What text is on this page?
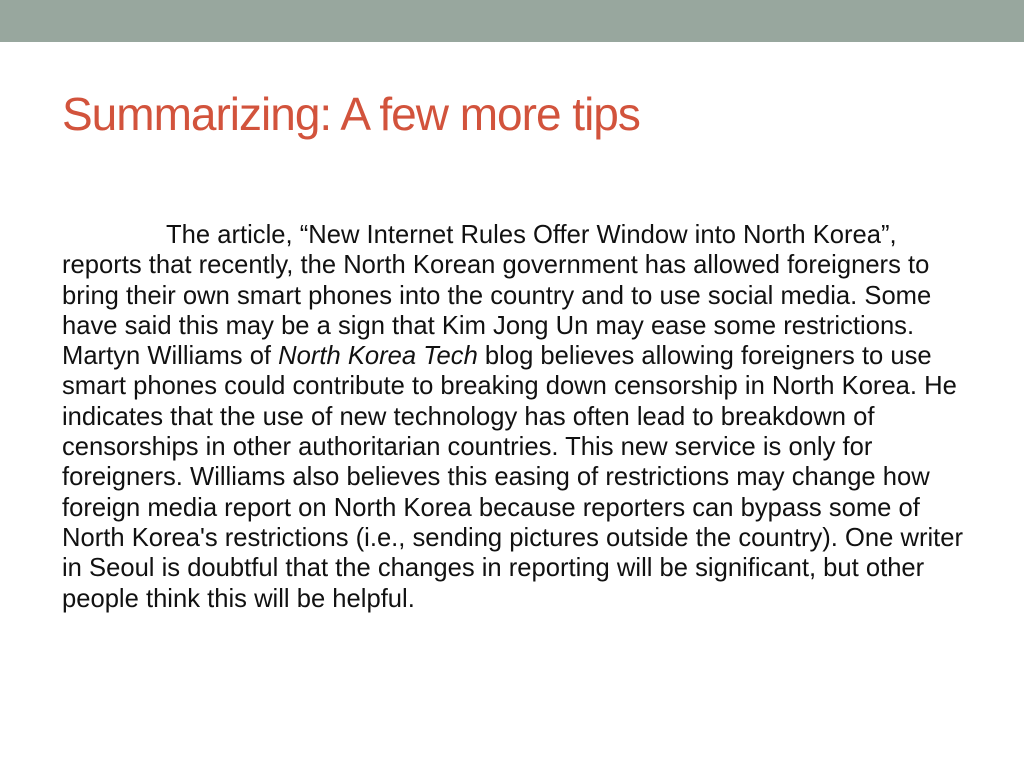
Summarizing: A few more tips

The article, “New Internet Rules Offer Window into North Korea”, reports that recently, the North Korean government has allowed foreigners to bring their own smart phones into the country and to use social media. Some have said this may be a sign that Kim Jong Un may ease some restrictions. Martyn Williams of North Korea Tech blog believes allowing foreigners to use smart phones could contribute to breaking down censorship in North Korea. He indicates that the use of new technology has often lead to breakdown of censorships in other authoritarian countries. This new service is only for foreigners. Williams also believes this easing of restrictions may change how foreign media report on North Korea because reporters can bypass some of North Korea's restrictions (i.e., sending pictures outside the country). One writer in Seoul is doubtful that the changes in reporting will be significant, but other people think this will be helpful.
